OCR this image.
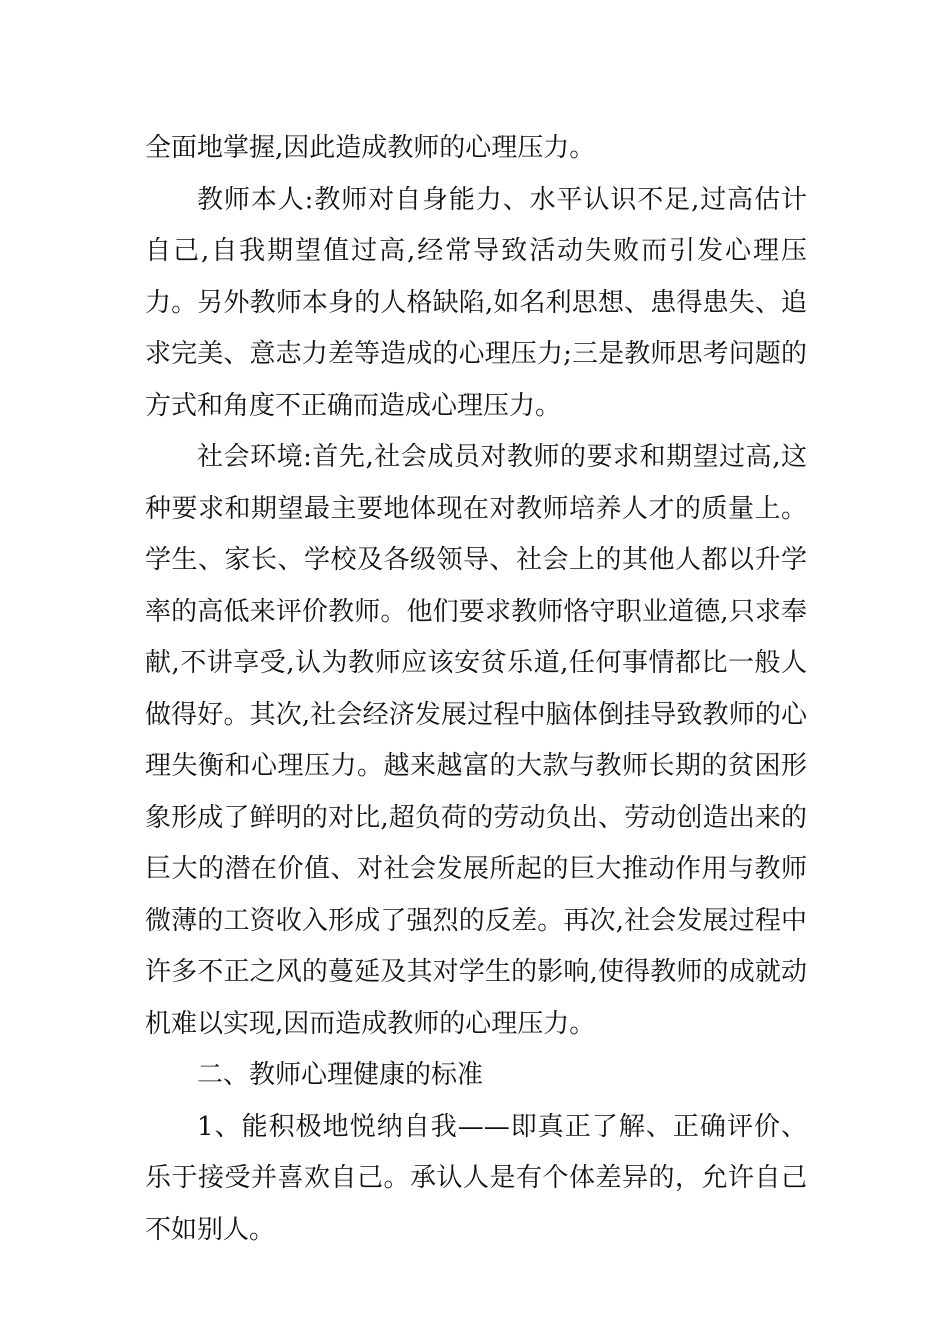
全面地掌握,因此造成教师的心理压力。

教师本人:教师对自身能力、水平认识不足,过高估计自己,自我期望值过高,经常导致活动失败而引发心理压力。另外教师本身的人格缺陷,如名利思想、患得患失、追求完美、意志力差等造成的心理压力;三是教师思考问题的方式和角度不正确而造成心理压力。

社会环境:首先,社会成员对教师的要求和期望过高,这种要求和期望最主要地体现在对教师培养人才的质量上。学生、家长、学校及各级领导、社会上的其他人都以升学率的高低来评价教师。他们要求教师恪守职业道德,只求奉献,不讲享受,认为教师应该安贫乐道,任何事情都比一般人做得好。其次,社会经济发展过程中脑体倒挂导致教师的心理失衡和心理压力。越来越富的大款与教师长期的贫困形象形成了鲜明的对比,超负荷的劳动负出、劳动创造出来的巨大的潜在价值、对社会发展所起的巨大推动作用与教师微薄的工资收入形成了强烈的反差。再次,社会发展过程中许多不正之风的蔓延及其对学生的影响,使得教师的成就动机难以实现,因而造成教师的心理压力。

二、教师心理健康的标准

1、能积极地悦纳自我——即真正了解、正确评价、乐于接受并喜欢自己。承认人是有个体差异的，允许自己不如别人。
